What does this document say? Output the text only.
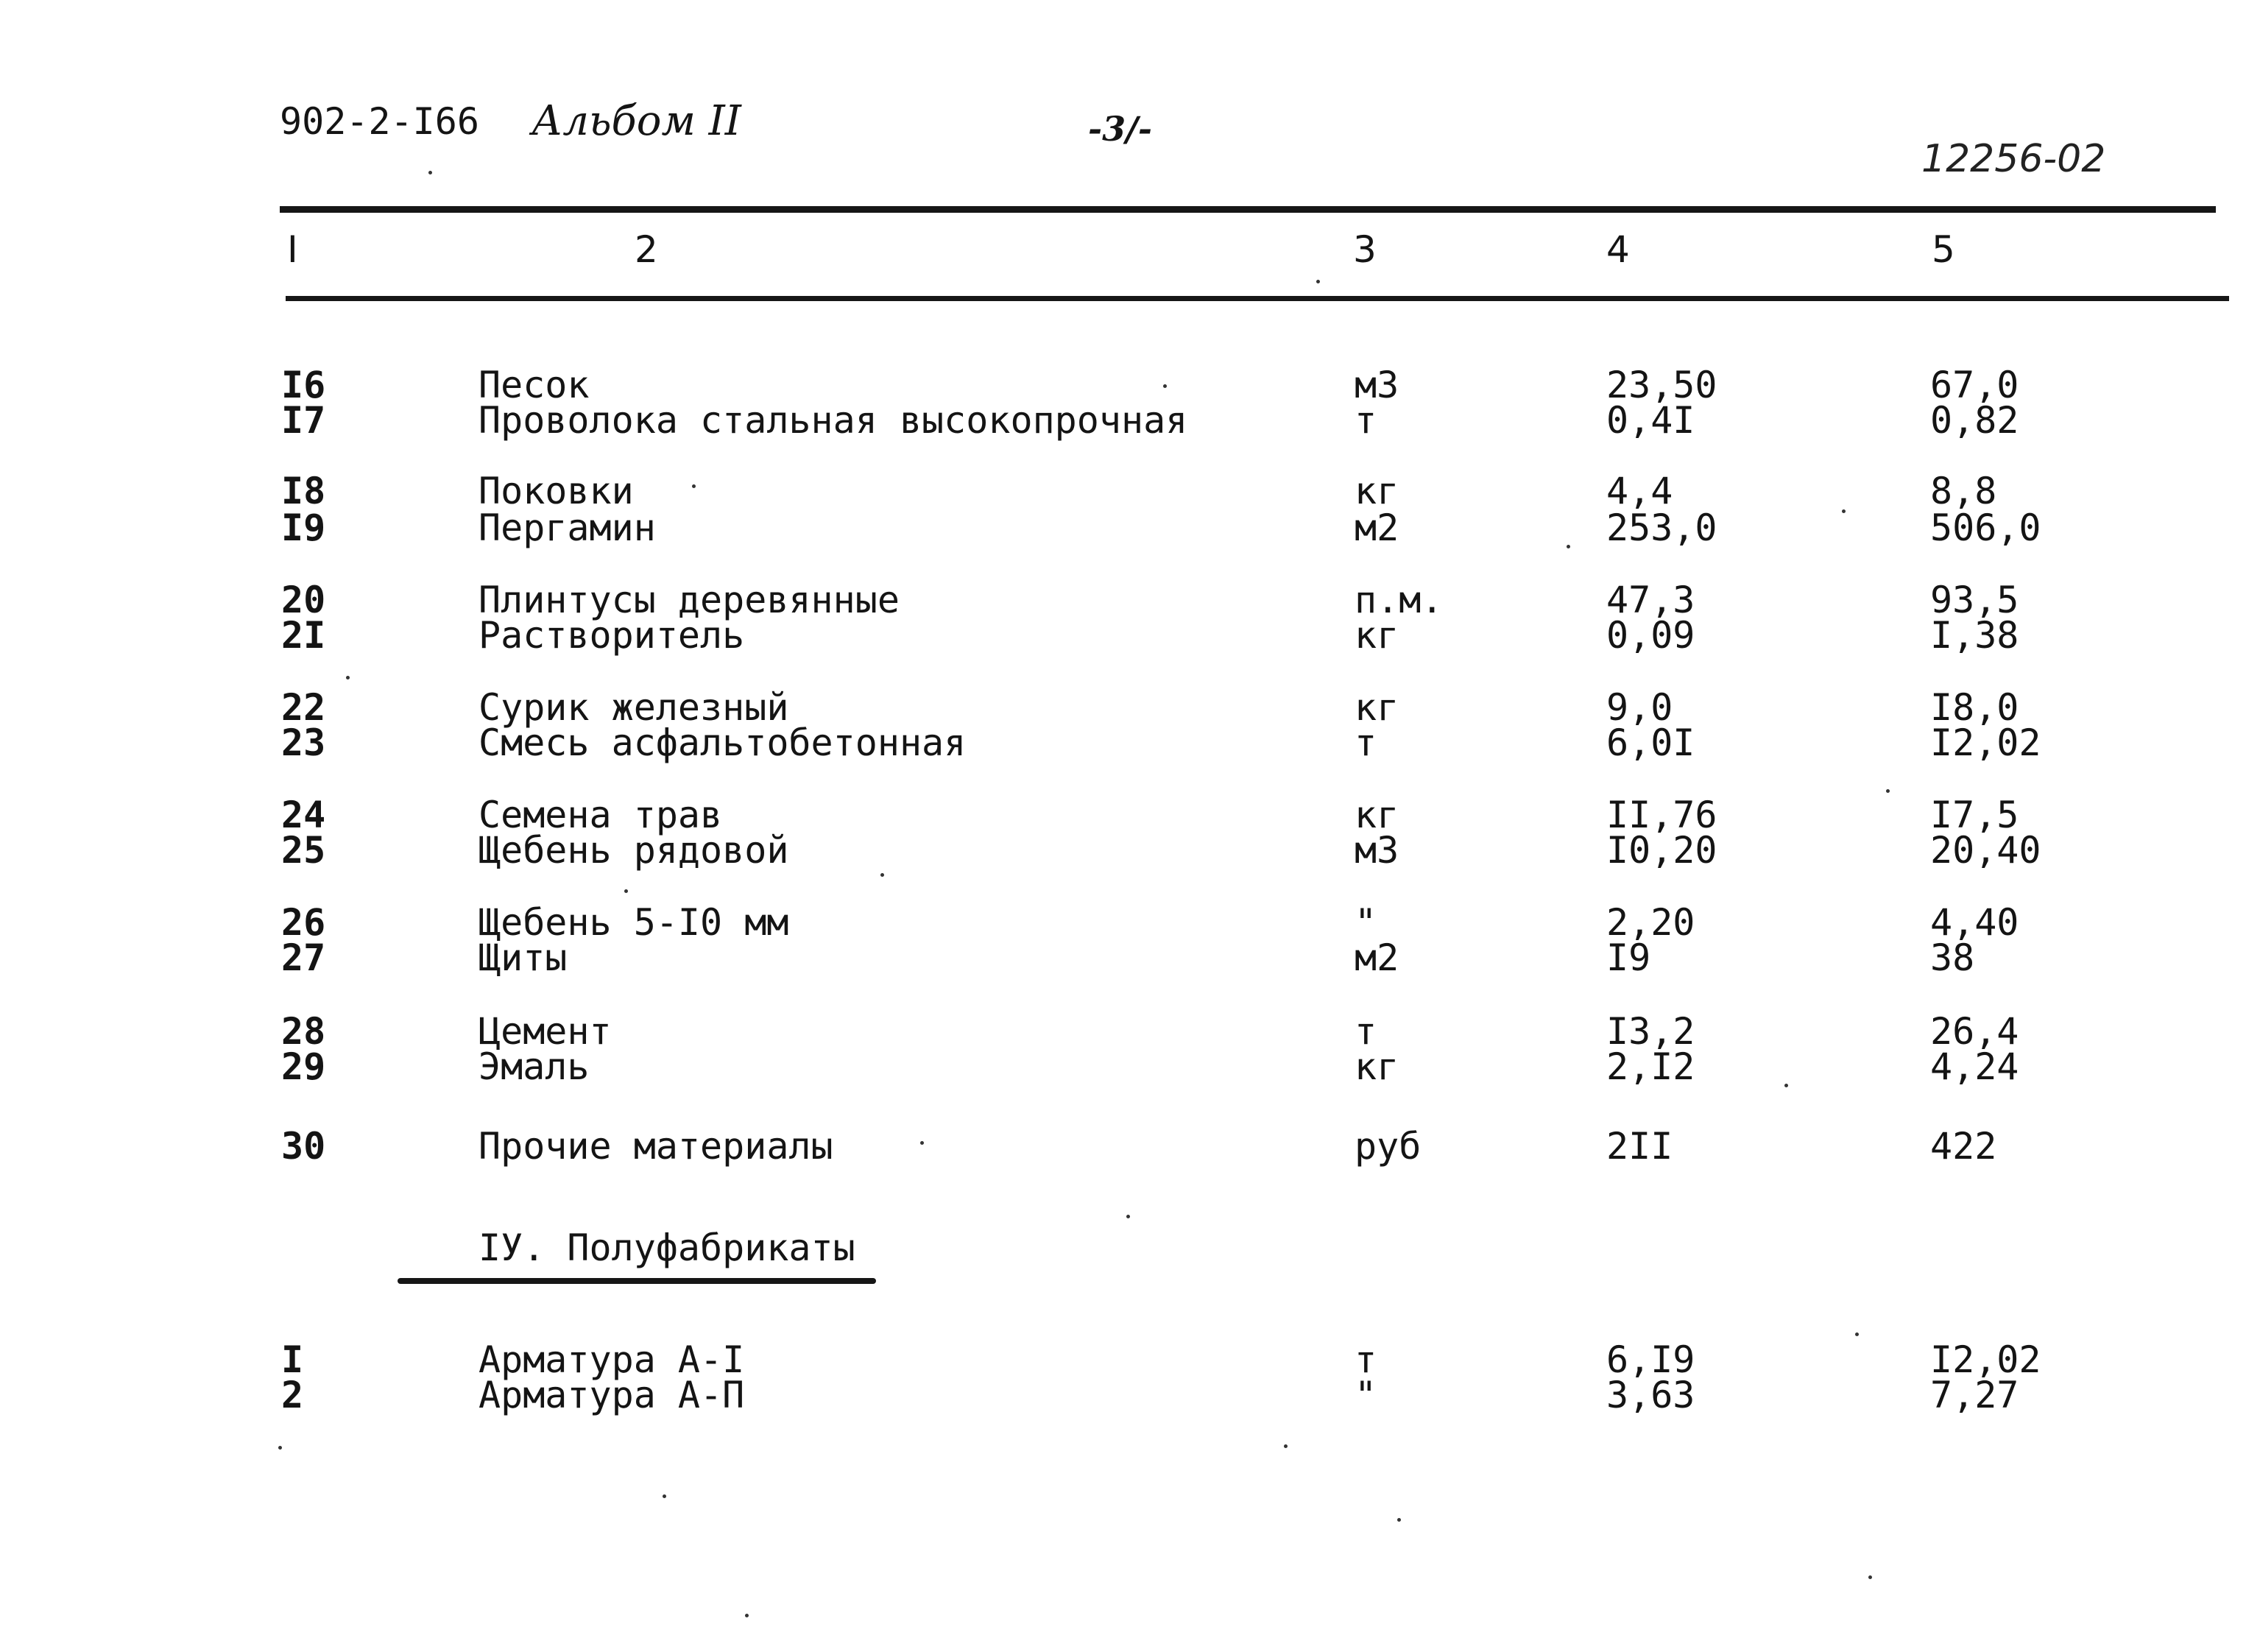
902-2-I66 Альбом II	-3/-
12256-02
I	2	3	4	5
I6	Песок	м3	23,50	67,0
I7	Проволока стальная высокопрочная	т	0,4I	0,82
I8	Поковки	кг	4,4	8,8
I9	Пергамин	м2	253,0	506,0
20	Плинтусы деревянные	п.м.	47,3	93,5
2I	Растворитель	кг	0,09	I,38
22	Сурик железный	кг	9,0	I8,0
23	Смесь асфальтобетонная	т	6,0I	I2,02
24	Семена трав	кг	II,76	I7,5
25	Щебень рядовой	м3	I0,20	20,40
26	Щебень 5-I0 мм	"	2,20	4,40
27	Щиты	м2	I9	38
28	Цемент	т	I3,2	26,4
29	Эмаль	кг	2,I2	4,24
30	Прочие материалы	руб	2II	422
IУ. Полуфабрикаты
I	Арматура А-I	т	6,I9	I2,02
2	Арматура А-П	"	3,63	7,27
